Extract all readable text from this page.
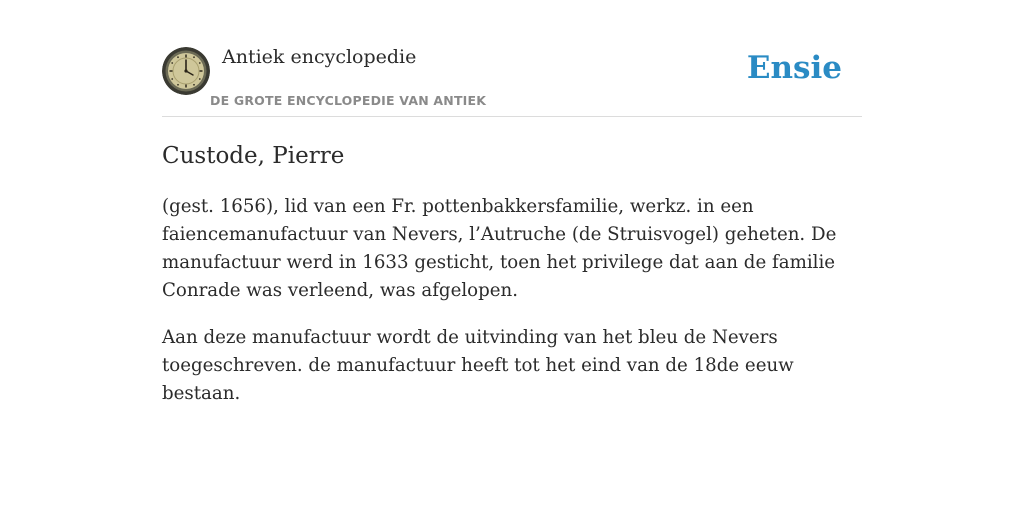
Antiek encyclopedie
DE GROTE ENCYCLOPEDIE VAN ANTIEK
Ensie
Custode, Pierre

(gest. 1656), lid van een Fr. pottenbakkersfamilie, werkz. in een faiencemanufactuur van Nevers, l’Autruche (de Struisvogel) geheten. De manufactuur werd in 1633 gesticht, toen het privilege dat aan de familie Conrade was verleend, was afgelopen.

Aan deze manufactuur wordt de uitvinding van het bleu de Nevers toegeschreven. de manufactuur heeft tot het eind van de 18de eeuw bestaan.
